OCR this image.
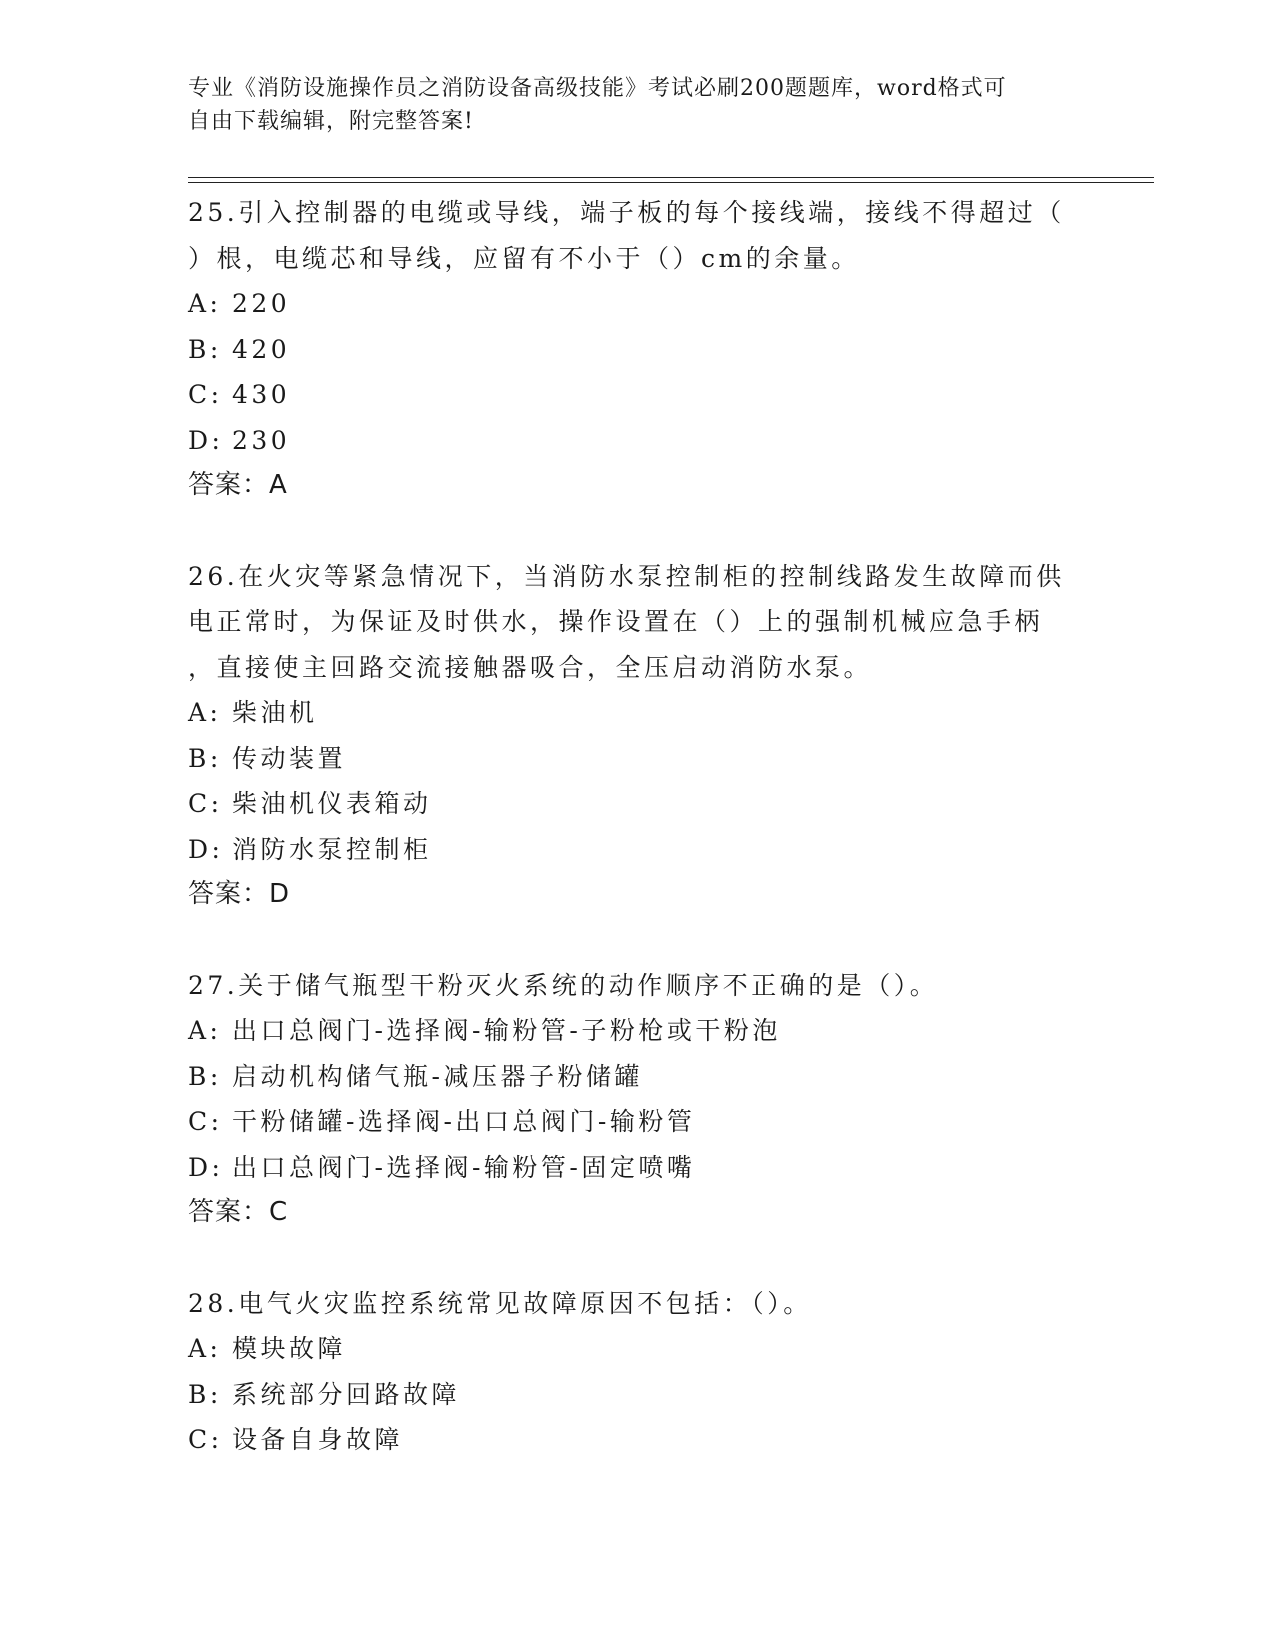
专业《消防设施操作员之消防设备高级技能》考试必刷200题题库，word格式可
自由下载编辑，附完整答案!
25.引入控制器的电缆或导线，端子板的每个接线端，接线不得超过（
）根，电缆芯和导线，应留有不小于（）cm的余量。
A: 220
B: 420
C: 430
D: 230
答案：A
26.在火灾等紧急情况下，当消防水泵控制柜的控制线路发生故障而供
电正常时，为保证及时供水，操作设置在（）上的强制机械应急手柄
，直接使主回路交流接触器吸合，全压启动消防水泵。
A: 柴油机
B: 传动装置
C: 柴油机仪表箱动
D: 消防水泵控制柜
答案：D
27.关于储气瓶型干粉灭火系统的动作顺序不正确的是（）。
A: 出口总阀门-选择阀-输粉管-子粉枪或干粉泡
B: 启动机构储气瓶-减压器子粉储罐
C: 干粉储罐-选择阀-出口总阀门-输粉管
D: 出口总阀门-选择阀-输粉管-固定喷嘴
答案：C
28.电气火灾监控系统常见故障原因不包括：（）。
A: 模块故障
B: 系统部分回路故障
C: 设备自身故障
